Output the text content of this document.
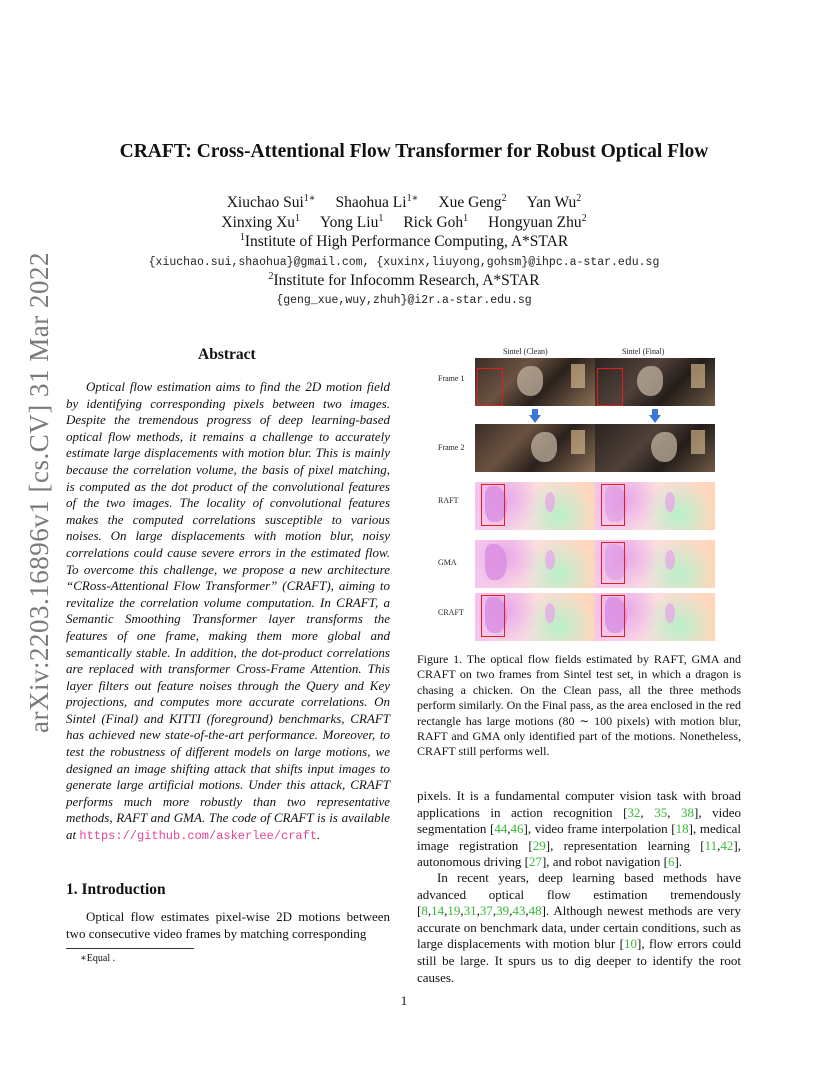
arXiv:2203.16896v1 [cs.CV] 31 Mar 2022
CRAFT: Cross-Attentional Flow Transformer for Robust Optical Flow
Xiuchao Sui$^{1∗}$ Shaohua $Li^{1∗}$ Xue Geng$^2$ Yan Wu$^2$
Xinxing Xu$^1$ Yong Liu$^1$ Rick Goh$^1$ Hongyuan Zhu$^2$
$^1$Institute of High Performance Computing, A*STAR
{xiuchao.sui,shaohua}@gmail.com, {xuxinx,liuyong,gohsm}@ihpc.a-star.edu.sg
$^2$Institute for Infocomm Research, A*STAR
{geng_xue,wuy,zhuh}@i2r.a-star.edu.sg
Abstract
Optical flow estimation aims to find the 2D motion field by identifying corresponding pixels between two images. Despite the tremendous progress of deep learning-based optical flow methods, it remains a challenge to accurately estimate large displacements with motion blur. This is mainly because the correlation volume, the basis of pixel matching, is computed as the dot product of the convolutional features of the two images. The locality of convolutional features makes the computed correlations susceptible to various noises. On large displacements with motion blur, noisy correlations could cause severe errors in the estimated flow. To overcome this challenge, we propose a new architecture “CRoss-Attentional Flow Transformer” (CRAFT), aiming to revitalize the correlation volume computation. In CRAFT, a Semantic Smoothing Transformer layer transforms the features of one frame, making them more global and semantically stable. In addition, the dot-product correlations are replaced with transformer Cross-Frame Attention. This layer filters out feature noises through the Query and Key projections, and computes more accurate correlations. On Sintel (Final) and KITTI (foreground) benchmarks, CRAFT has achieved new state-of-the-art performance. Moreover, to test the robustness of different models on large motions, we designed an image shifting attack that shifts input images to generate large artificial motions. Under this attack, CRAFT performs much more robustly than two representative methods, RAFT and GMA. The code of CRAFT is is available at https://github.com/askerlee/craft.
1. Introduction
Optical flow estimates pixel-wise 2D motions between two consecutive video frames by matching corresponding
∗Equal .
Sintel (Clean)	Sintel (Final)
Frame 1
Frame 2
RAFT
GMA
CRAFT
Figure 1. The optical flow fields estimated by RAFT, GMA and CRAFT on two frames from Sintel test set, in which a dragon is chasing a chicken. On the Clean pass, all the three methods perform similarly. On the Final pass, as the area enclosed in the red rectangle has large motions (80 ∼ 100 pixels) with motion blur, RAFT and GMA only identified part of the motions. Nonetheless, CRAFT still performs well.
pixels. It is a fundamental computer vision task with broad applications in action recognition [32, 35, 38], video segmentation [44,46], video frame interpolation [18], medical image registration [29], representation learning [11,42], autonomous driving [27], and robot navigation [6].
In recent years, deep learning based methods have advanced optical flow estimation tremendously [8,14,19,31,37,39,43,48]. Although newest methods are very accurate on benchmark data, under certain conditions, such as large displacements with motion blur [10], flow errors could still be large. It spurs us to dig deeper to identify the root causes.
1
